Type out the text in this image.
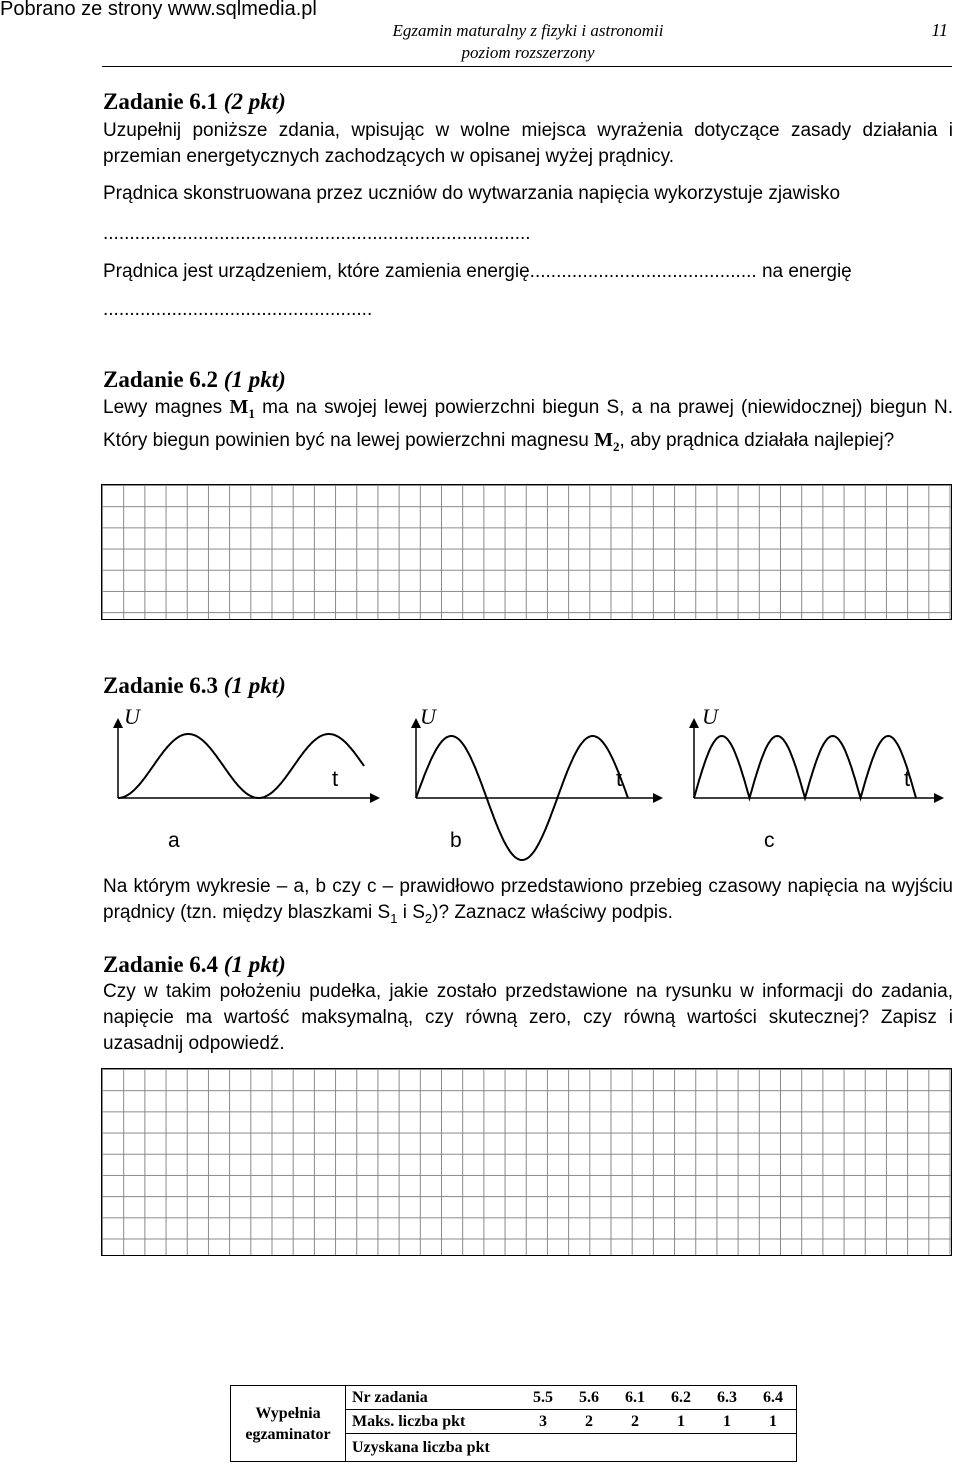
Pobrano ze strony www.sqlmedia.pl
Egzamin maturalny z fizyki i astronomii
poziom rozszerzony
11
Zadanie 6.1 (2 pkt)
Uzupełnij poniższe zdania, wpisując w wolne miejsca wyrażenia dotyczące zasady działania i przemian energetycznych zachodzących w opisanej wyżej prądnicy.
Prądnica skonstruowana przez uczniów do wytwarzania napięcia wykorzystuje zjawisko
.................................................................................
Prądnica jest urządzeniem, które zamienia energię........................................... na energię
...................................................
Zadanie 6.2 (1 pkt)
Lewy magnes $M_1$ ma na swojej lewej powierzchni biegun S, a na prawej (niewidocznej) biegun N. Który biegun powinien być na lewej powierzchni magnesu $M_2$, aby prądnica działała najlepiej?
Zadanie 6.3 (1 pkt)
U
t
a
U
t
b
U
t
c
Na którym wykresie – a, b czy c – prawidłowo przedstawiono przebieg czasowy napięcia na wyjściu prądnicy (tzn. między blaszkami $S_1$ i $S_2$)? Zaznacz właściwy podpis.
Zadanie 6.4 (1 pkt)
Czy w takim położeniu pudełka, jakie zostało przedstawione na rysunku w informacji do zadania, napięcie ma wartość maksymalną, czy równą zero, czy równą wartości skutecznej? Zapisz i uzasadnij odpowiedź.
Wypełnia
egzaminator	Nr zadania	5.5	5.6	6.1	6.2	6.3	6.4
	Maks. liczba pkt	3	2	2	1	1	1
	Uzyskana liczba pkt						
